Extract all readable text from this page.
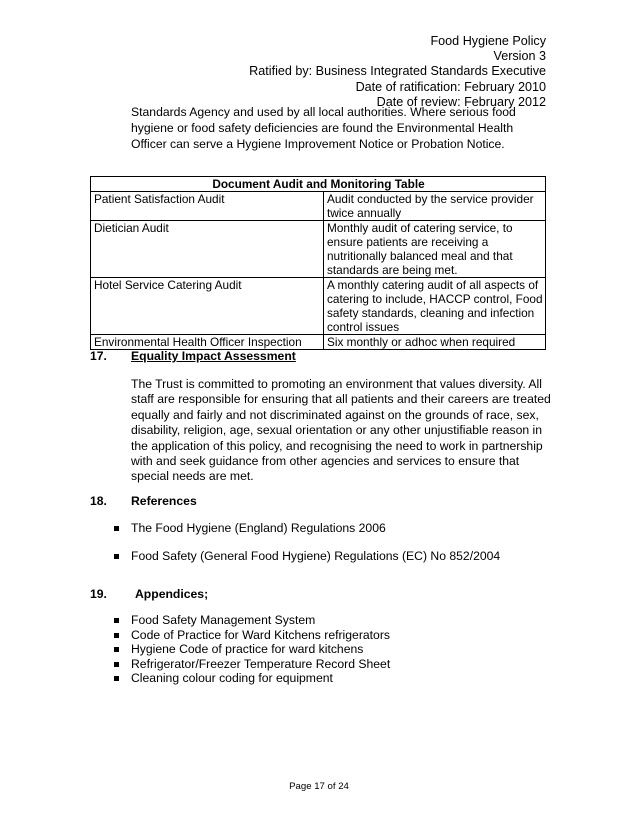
Food Hygiene Policy
Version 3
Ratified by: Business Integrated Standards Executive
Date of ratification: February 2010
Date of review: February 2012
Standards Agency and used by all local authorities. Where serious food hygiene or food safety deficiencies are found the Environmental Health Officer can serve a Hygiene Improvement Notice or Probation Notice.
Document Audit and Monitoring Table	
Patient Satisfaction Audit	Audit conducted by the service provider twice annually
Dietician Audit	Monthly audit of catering service, to ensure patients are receiving a nutritionally balanced meal and that standards are being met.
Hotel Service Catering Audit	A monthly catering audit of all aspects of catering to include, HACCP control, Food safety standards, cleaning and infection control issues
Environmental Health Officer Inspection	Six monthly or adhoc when required
17. Equality Impact Assessment
The Trust is committed to promoting an environment that values diversity. All staff are responsible for ensuring that all patients and their careers are treated equally and fairly and not discriminated against on the grounds of race, sex, disability, religion, age, sexual orientation or any other unjustifiable reason in the application of this policy, and recognising the need to work in partnership with and seek guidance from other agencies and services to ensure that special needs are met.
18. References
The Food Hygiene (England) Regulations 2006
Food Safety (General Food Hygiene) Regulations (EC) No 852/2004
19. Appendices;
Food Safety Management System
Code of Practice for Ward Kitchens refrigerators
Hygiene Code of practice for ward kitchens
Refrigerator/Freezer Temperature Record Sheet
Cleaning colour coding for equipment
Page 17 of 24
